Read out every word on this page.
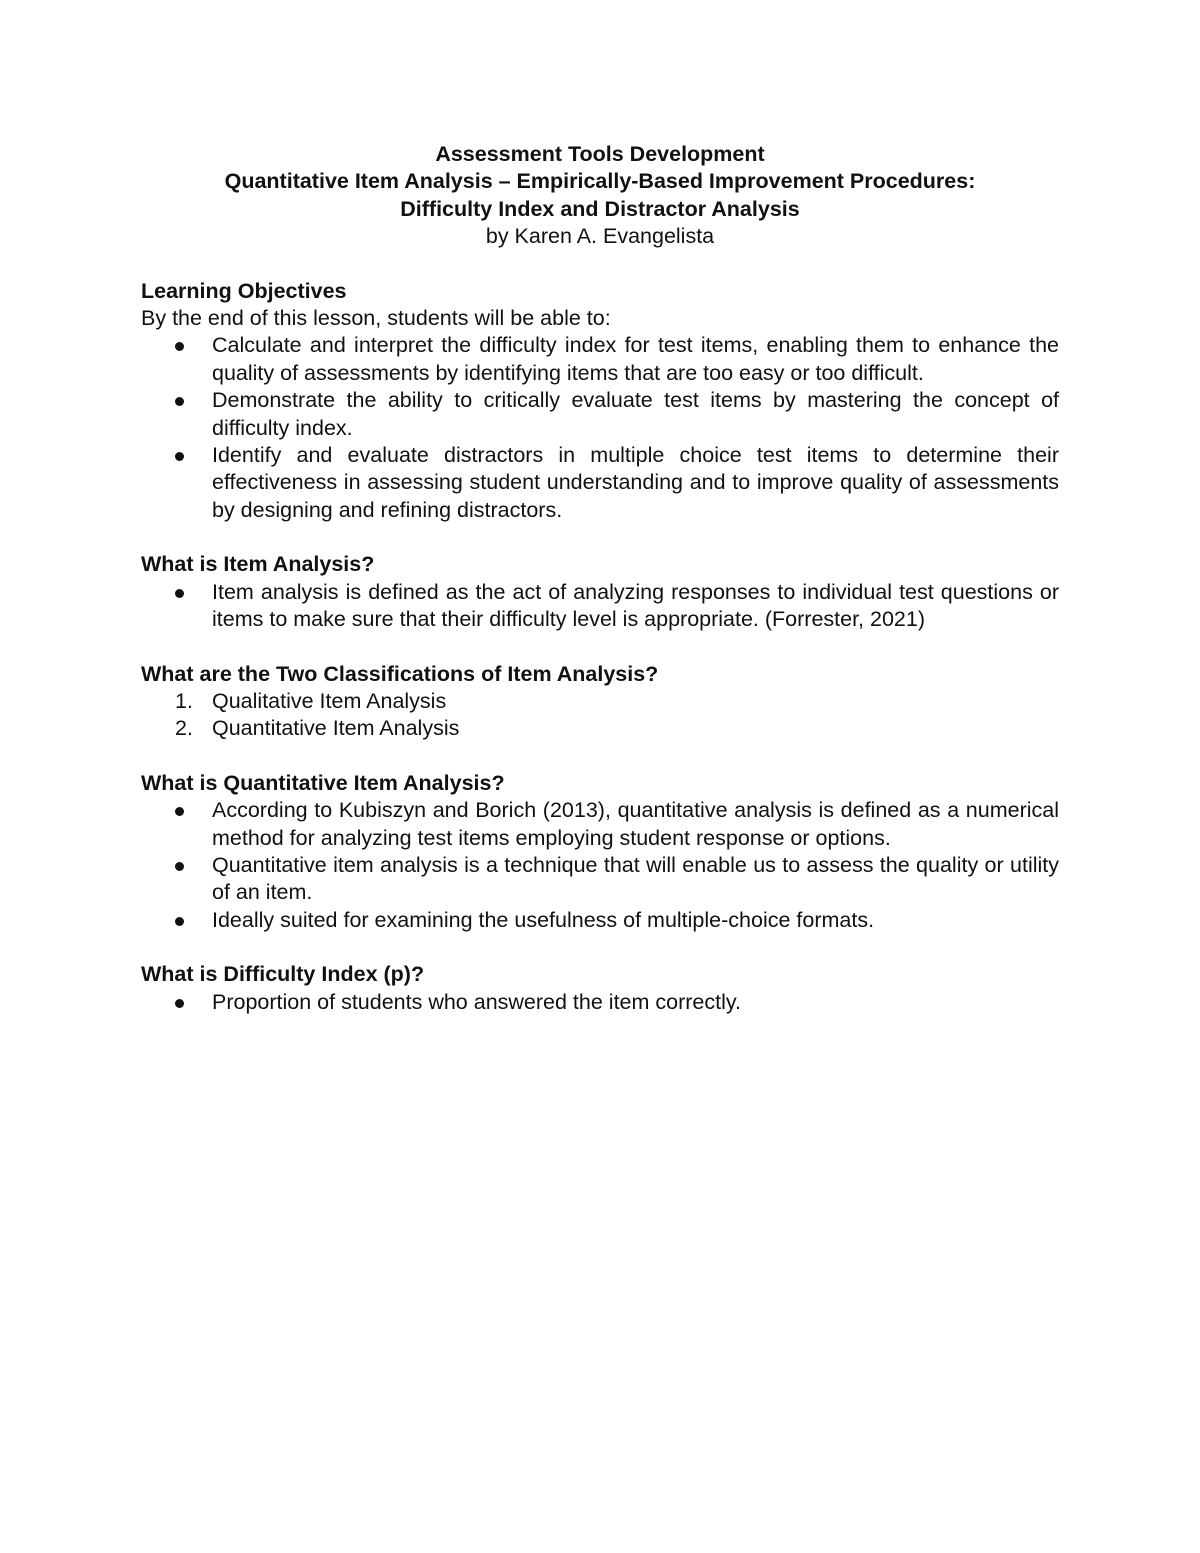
Assessment Tools Development
Quantitative Item Analysis – Empirically-Based Improvement Procedures:
Difficulty Index and Distractor Analysis
by Karen A. Evangelista
Learning Objectives
By the end of this lesson, students will be able to:
Calculate and interpret the difficulty index for test items, enabling them to enhance the quality of assessments by identifying items that are too easy or too difficult.
Demonstrate the ability to critically evaluate test items by mastering the concept of difficulty index.
Identify and evaluate distractors in multiple choice test items to determine their effectiveness in assessing student understanding and to improve quality of assessments by designing and refining distractors.
What is Item Analysis?
Item analysis is defined as the act of analyzing responses to individual test questions or items to make sure that their difficulty level is appropriate. (Forrester, 2021)
What are the Two Classifications of Item Analysis?
1. Qualitative Item Analysis
2. Quantitative Item Analysis
What is Quantitative Item Analysis?
According to Kubiszyn and Borich (2013), quantitative analysis is defined as a numerical method for analyzing test items employing student response or options.
Quantitative item analysis is a technique that will enable us to assess the quality or utility of an item.
Ideally suited for examining the usefulness of multiple-choice formats.
What is Difficulty Index (p)?
Proportion of students who answered the item correctly.
